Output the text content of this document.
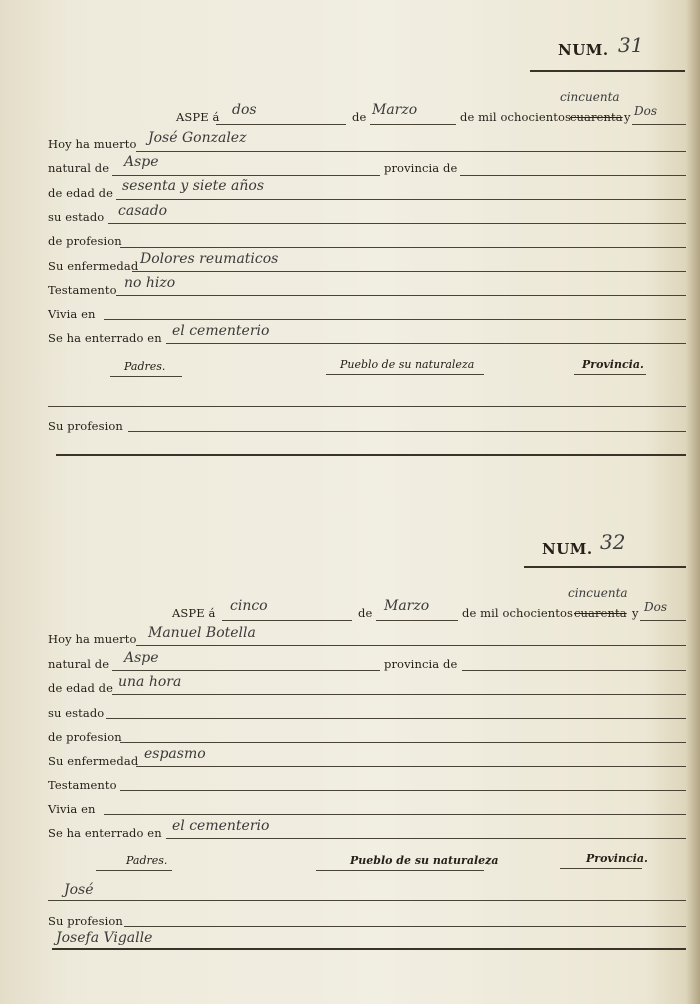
NUM. 31
ASPE á dos	de Marzo	de mil ochocientos
cuarenta
cincuenta
y Dos
Hoy ha muerto José Gonzalez
natural de Aspe	provincia de
de edad de sesenta y siete años
su estado casado
de profesion
Su enfermedad Dolores reumaticos
Testamento no hizo
Vivia en
Se ha enterrado en el cementerio
Padres.	Pueblo de su naturaleza	Provincia.
Su profesion
NUM. 32
ASPE á cinco	de Marzo	de mil ochocientos cuarenta
cincuenta
y Dos
Hoy ha muerto Manuel Botella
natural de Aspe	provincia de
de edad de una hora
su estado
de profesion
Su enfermedad espasmo
Testamento
Vivia en
Se ha enterrado en el cementerio
Padres.	Pueblo de su naturaleza	Provincia.
José
Su profesion
Josefa Vigalle
